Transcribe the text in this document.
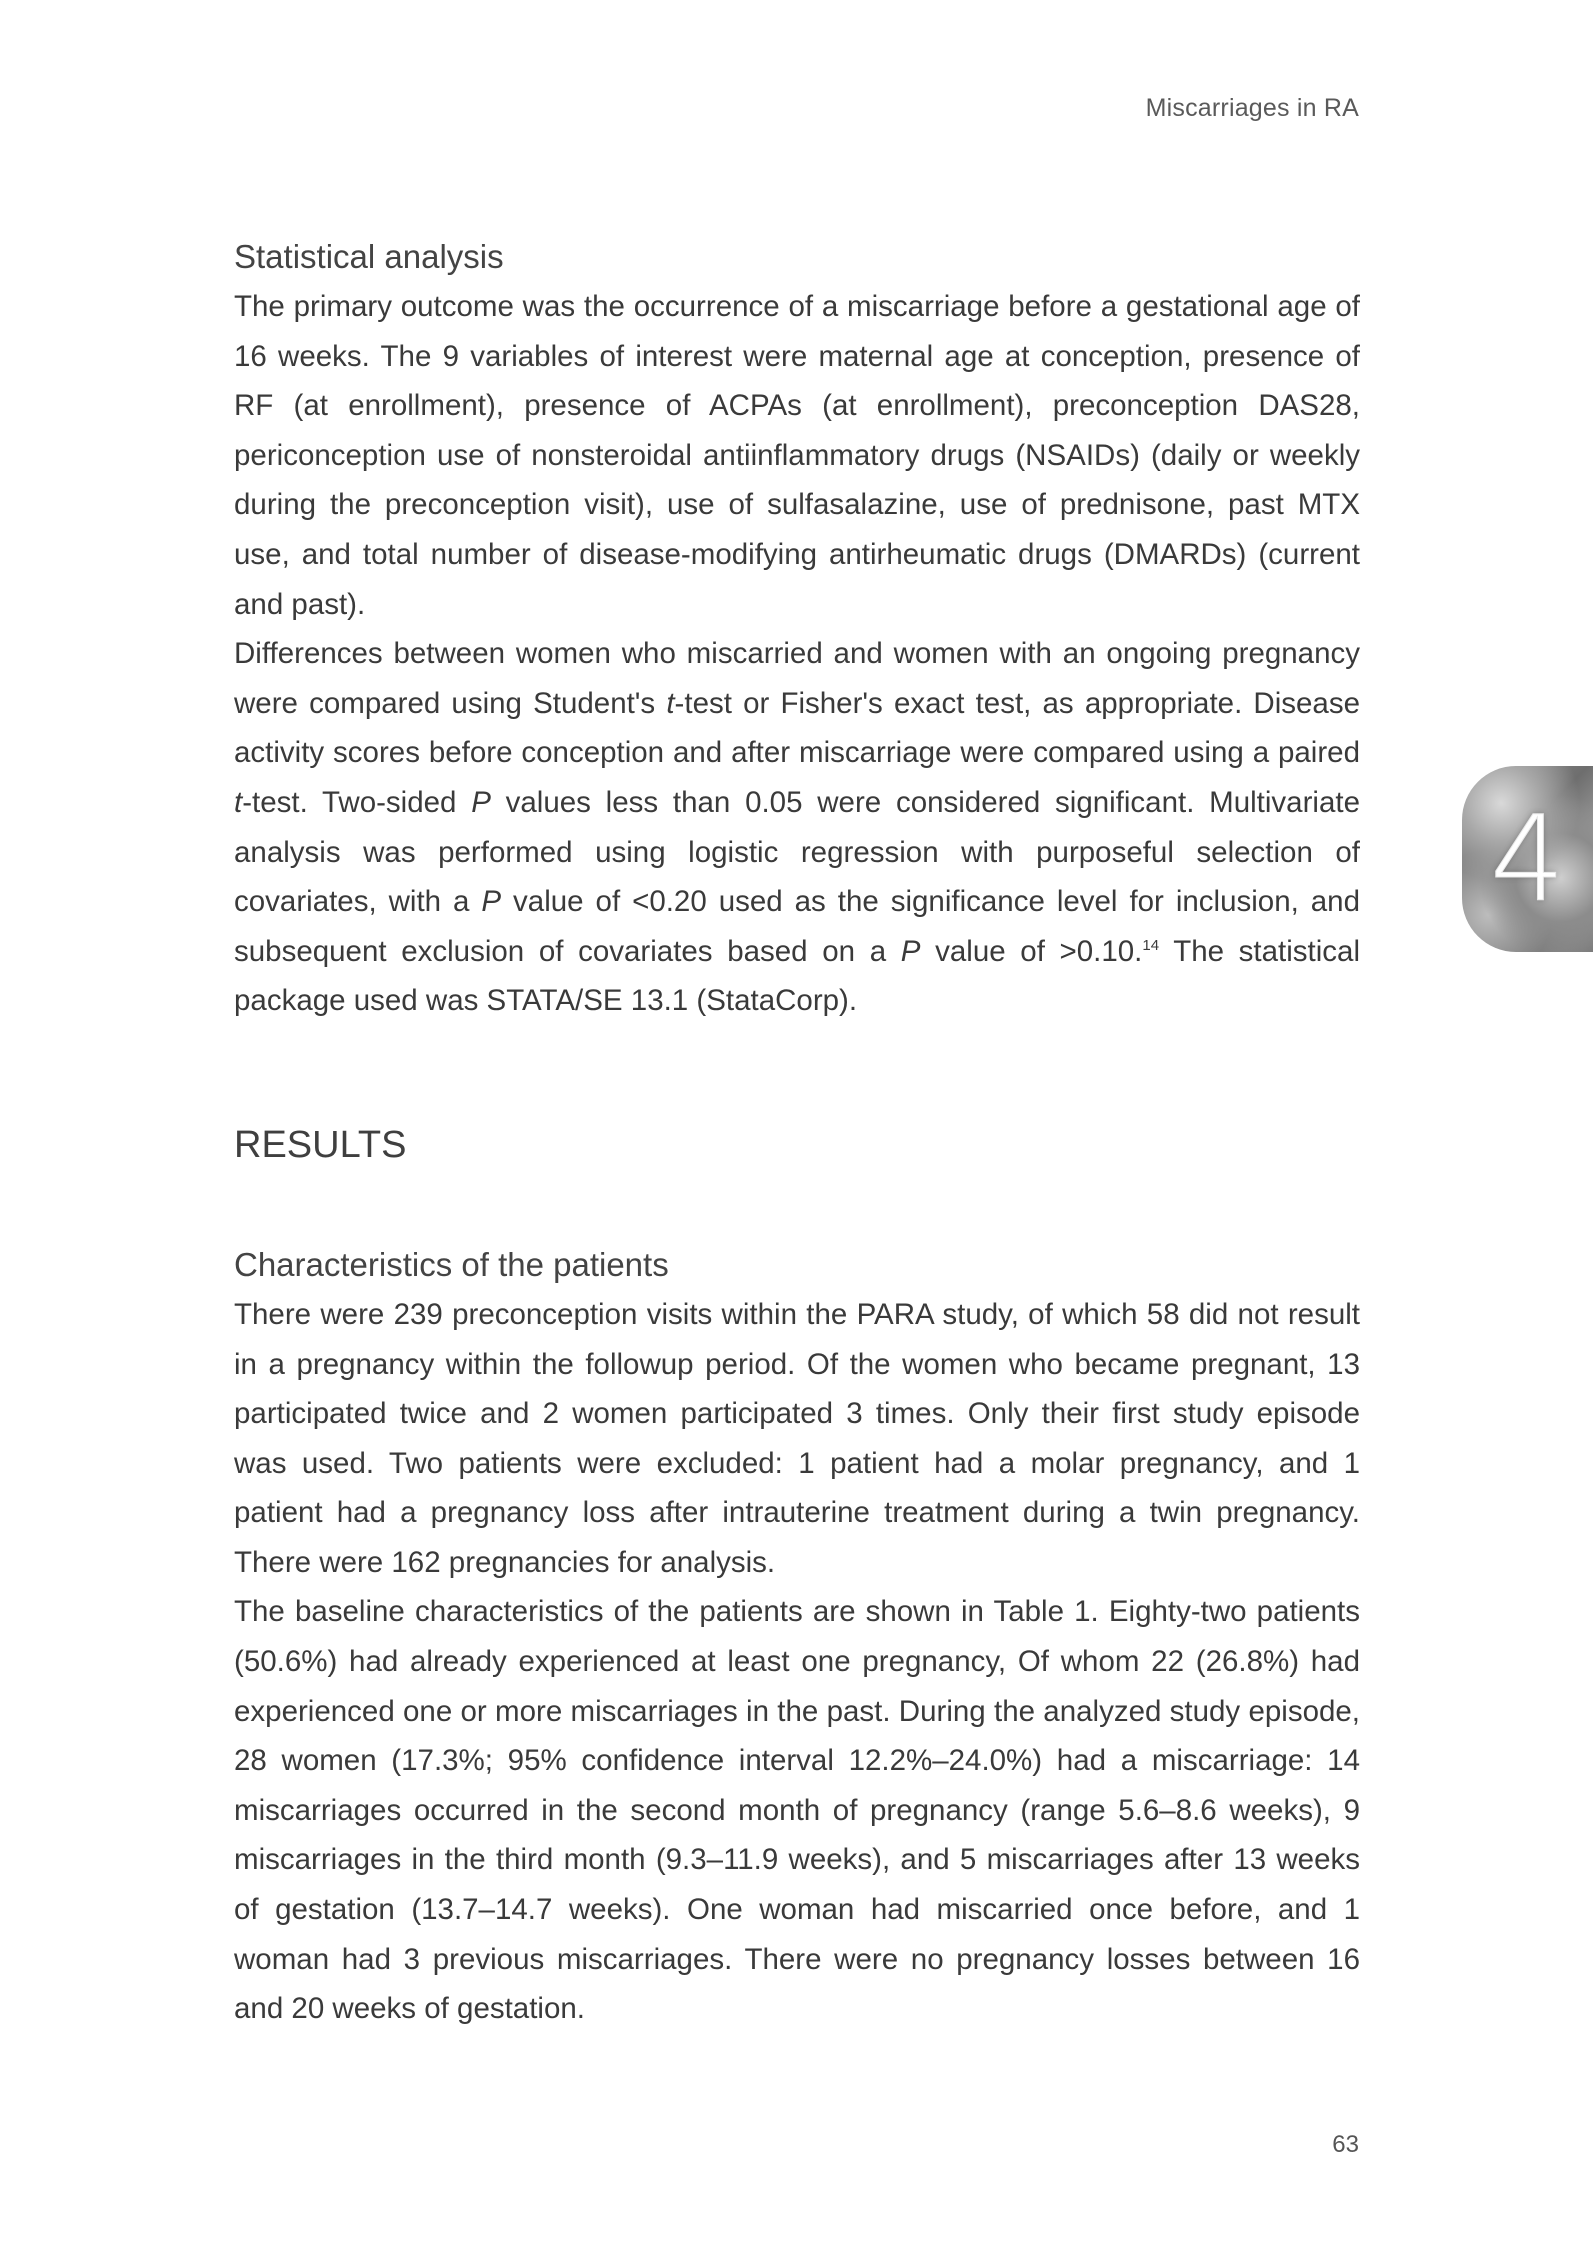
Miscarriages in RA
4
Statistical analysis

The primary outcome was the occurrence of a miscarriage before a gestational age of 16 weeks. The 9 variables of interest were maternal age at conception, presence of RF (at enrollment), presence of ACPAs (at enrollment), preconception DAS28, periconception use of nonsteroidal antiinflammatory drugs (NSAIDs) (daily or weekly during the preconception visit), use of sulfasalazine, use of prednisone, past MTX use, and total number of disease-modifying antirheumatic drugs (DMARDs) (current and past).

Differences between women who miscarried and women with an ongoing pregnancy were compared using Student's t-test or Fisher's exact test, as appropriate. Disease activity scores before conception and after miscarriage were compared using a paired t-test. Two-sided P values less than 0.05 were considered significant. Multivariate analysis was performed using logistic regression with purposeful selection of covariates, with a P value of <0.20 used as the significance level for inclusion, and subsequent exclusion of covariates based on a P value of >0.10.14 The statistical package used was STATA/SE 13.1 (StataCorp).

RESULTS
Characteristics of the patients

There were 239 preconception visits within the PARA study, of which 58 did not result in a pregnancy within the followup period. Of the women who became pregnant, 13 participated twice and 2 women participated 3 times. Only their first study episode was used. Two patients were excluded: 1 patient had a molar pregnancy, and 1 patient had a pregnancy loss after intrauterine treatment during a twin pregnancy. There were 162 pregnancies for analysis.

The baseline characteristics of the patients are shown in Table 1. Eighty-two patients (50.6%) had already experienced at least one pregnancy, Of whom 22 (26.8%) had experienced one or more miscarriages in the past. During the analyzed study episode, 28 women (17.3%; 95% confidence interval 12.2%–24.0%) had a miscarriage: 14 miscarriages occurred in the second month of pregnancy (range 5.6–8.6 weeks), 9 miscarriages in the third month (9.3–11.9 weeks), and 5 miscarriages after 13 weeks of gestation (13.7–14.7 weeks). One woman had miscarried once before, and 1 woman had 3 previous miscarriages. There were no pregnancy losses between 16 and 20 weeks of gestation.

63
